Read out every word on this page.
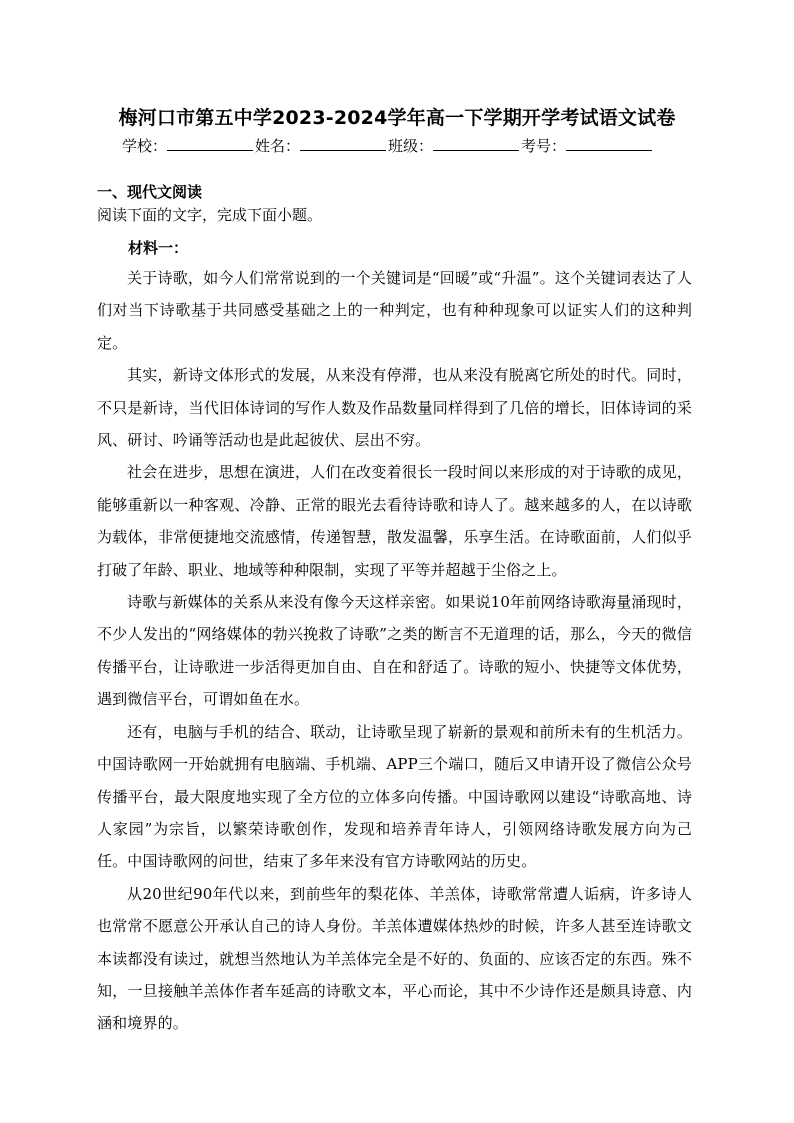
梅河口市第五中学2023-2024学年高一下学期开学考试语文试卷
学校：	姓名：	班级：	考号：
一、现代文阅读
阅读下面的文字，完成下面小题。
材料一：

关于诗歌，如今人们常常说到的一个关键词是“回暖”或“升温”。这个关键词表达了人们对当下诗歌基于共同感受基础之上的一种判定，也有种种现象可以证实人们的这种判定。

其实，新诗文体形式的发展，从来没有停滞，也从来没有脱离它所处的时代。同时，不只是新诗，当代旧体诗词的写作人数及作品数量同样得到了几倍的增长，旧体诗词的采风、研讨、吟诵等活动也是此起彼伏、层出不穷。

社会在进步，思想在演进，人们在改变着很长一段时间以来形成的对于诗歌的成见，能够重新以一种客观、冷静、正常的眼光去看待诗歌和诗人了。越来越多的人，在以诗歌为载体，非常便捷地交流感情，传递智慧，散发温馨，乐享生活。在诗歌面前，人们似乎打破了年龄、职业、地域等种种限制，实现了平等并超越于尘俗之上。

诗歌与新媒体的关系从来没有像今天这样亲密。如果说10年前网络诗歌海量涌现时，不少人发出的“网络媒体的勃兴挽救了诗歌”之类的断言不无道理的话，那么，今天的微信传播平台，让诗歌进一步活得更加自由、自在和舒适了。诗歌的短小、快捷等文体优势，遇到微信平台，可谓如鱼在水。

还有，电脑与手机的结合、联动，让诗歌呈现了崭新的景观和前所未有的生机活力。中国诗歌网一开始就拥有电脑端、手机端、APP三个端口，随后又申请开设了微信公众号传播平台，最大限度地实现了全方位的立体多向传播。中国诗歌网以建设“诗歌高地、诗人家园”为宗旨，以繁荣诗歌创作，发现和培养青年诗人，引领网络诗歌发展方向为己任。中国诗歌网的问世，结束了多年来没有官方诗歌网站的历史。

从20世纪90年代以来，到前些年的梨花体、羊羔体，诗歌常常遭人诟病，许多诗人也常常不愿意公开承认自己的诗人身份。羊羔体遭媒体热炒的时候，许多人甚至连诗歌文本读都没有读过，就想当然地认为羊羔体完全是不好的、负面的、应该否定的东西。殊不知，一旦接触羊羔体作者车延高的诗歌文本，平心而论，其中不少诗作还是颇具诗意、内涵和境界的。
